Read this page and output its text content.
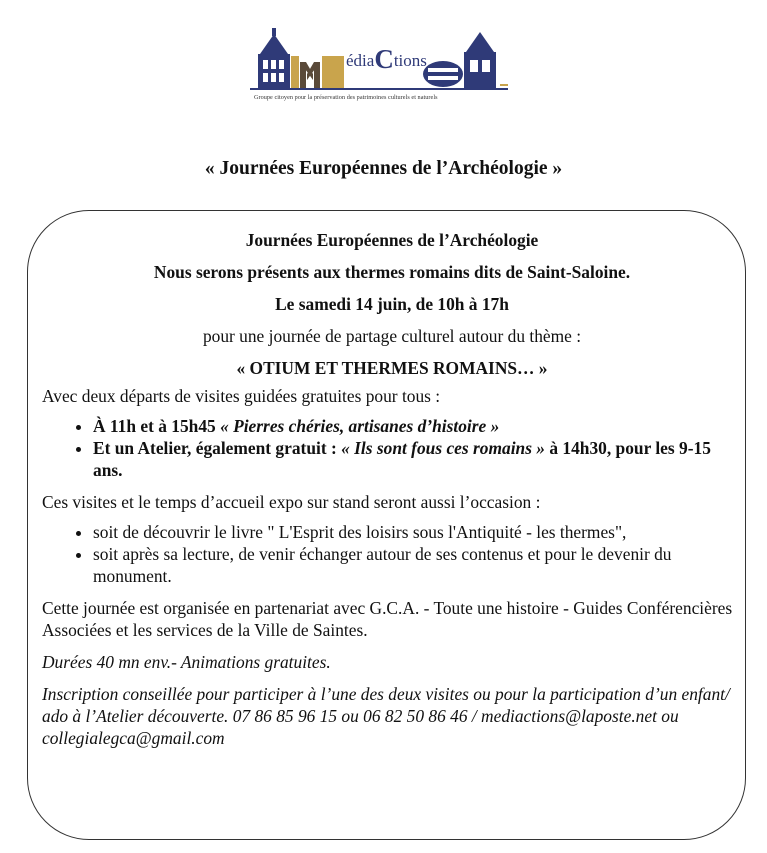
édiaCtions
Groupe citoyen pour la préservation des patrimoines culturels et naturels
« Journées Européennes de l’Archéologie »

Journées Européennes de l’Archéologie

Nous serons présents aux thermes romains dits de Saint-Saloine.

Le samedi 14 juin, de 10h à 17h

pour une journée de partage culturel autour du thème :

« OTIUM ET THERMES ROMAINS… »

Avec deux départs de visites guidées gratuites pour tous :

• À 11h et à 15h45 « Pierres chéries, artisanes d’histoire »
• Et un Atelier, également gratuit : « Ils sont fous ces romains » à 14h30, pour les 9-15 ans.

Ces visites et le temps d’accueil expo sur stand seront aussi l’occasion :

• soit de découvrir le livre " L'Esprit des loisirs sous l'Antiquité - les thermes",
• soit après sa lecture, de venir échanger autour de ses contenus et pour le devenir du monument.

Cette journée est organisée en partenariat avec G.C.A. - Toute une histoire - Guides Conférencières Associées et les services de la Ville de Saintes.

Durées 40 mn env.- Animations gratuites.

Inscription conseillée pour participer à l’une des deux visites ou pour la participation d’un enfant/ ado à l’Atelier découverte. 07 86 85 96 15 ou 06 82 50 86 46 / mediactions@laposte.net ou collegialegca@gmail.com
